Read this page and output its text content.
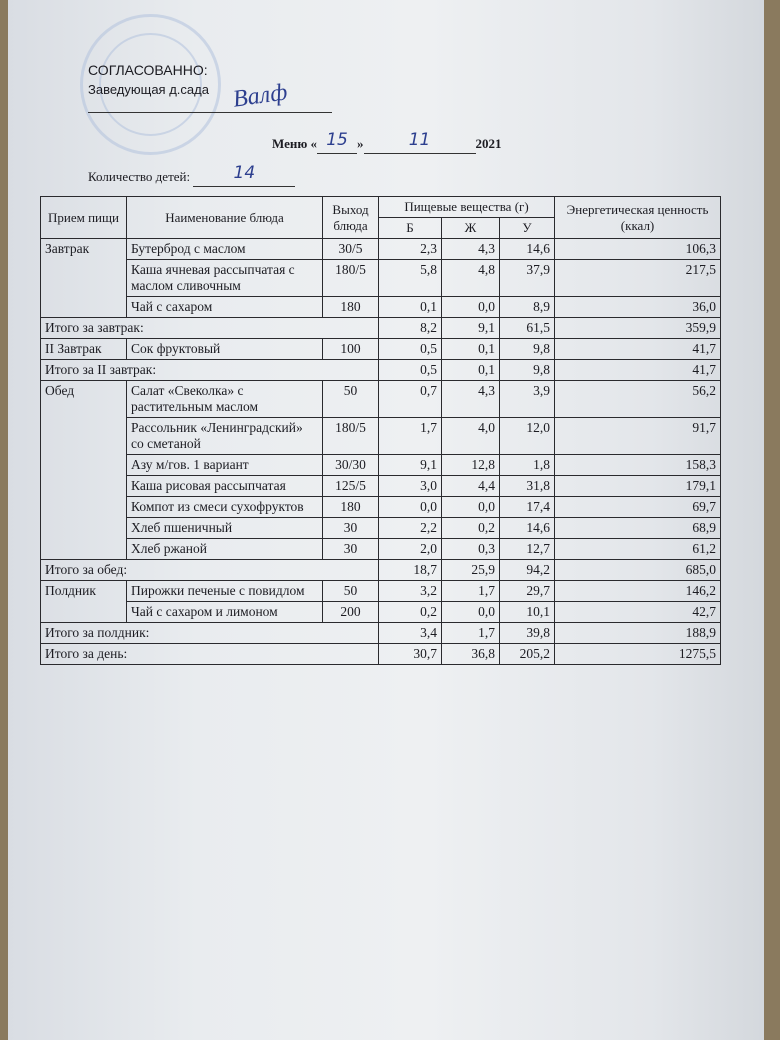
СОГЛАСОВАННО:
Заведующая д.сада Валф
Меню « 15 »	11	2021
Количество детей:	14
Прием пищи	Наименование блюда	Выход блюда	Пищевые вещества (г)			Энергетическая ценность (ккал)
			Б	Ж	У	
Завтрак	Бутерброд с маслом	30/5	2,3	4,3	14,6	106,3
	Каша ячневая рассыпчатая с маслом сливочным	180/5	5,8	4,8	37,9	217,5
	Чай с сахаром	180	0,1	0,0	8,9	36,0
Итого за завтрак:			8,2	9,1	61,5	359,9
II Завтрак	Сок фруктовый	100	0,5	0,1	9,8	41,7
Итого за II завтрак:			0,5	0,1	9,8	41,7
Обед	Салат «Свеколка» с растительным маслом	50	0,7	4,3	3,9	56,2
	Рассольник «Ленинградский» со сметаной	180/5	1,7	4,0	12,0	91,7
	Азу м/гов. 1 вариант	30/30	9,1	12,8	1,8	158,3
	Каша рисовая рассыпчатая	125/5	3,0	4,4	31,8	179,1
	Компот из смеси сухофруктов	180	0,0	0,0	17,4	69,7
	Хлеб пшеничный	30	2,2	0,2	14,6	68,9
	Хлеб ржаной	30	2,0	0,3	12,7	61,2
Итого за обед:			18,7	25,9	94,2	685,0
Полдник	Пирожки печеные с повидлом	50	3,2	1,7	29,7	146,2
	Чай с сахаром и лимоном	200	0,2	0,0	10,1	42,7
Итого за полдник:			3,4	1,7	39,8	188,9
Итого за день:			30,7	36,8	205,2	1275,5
